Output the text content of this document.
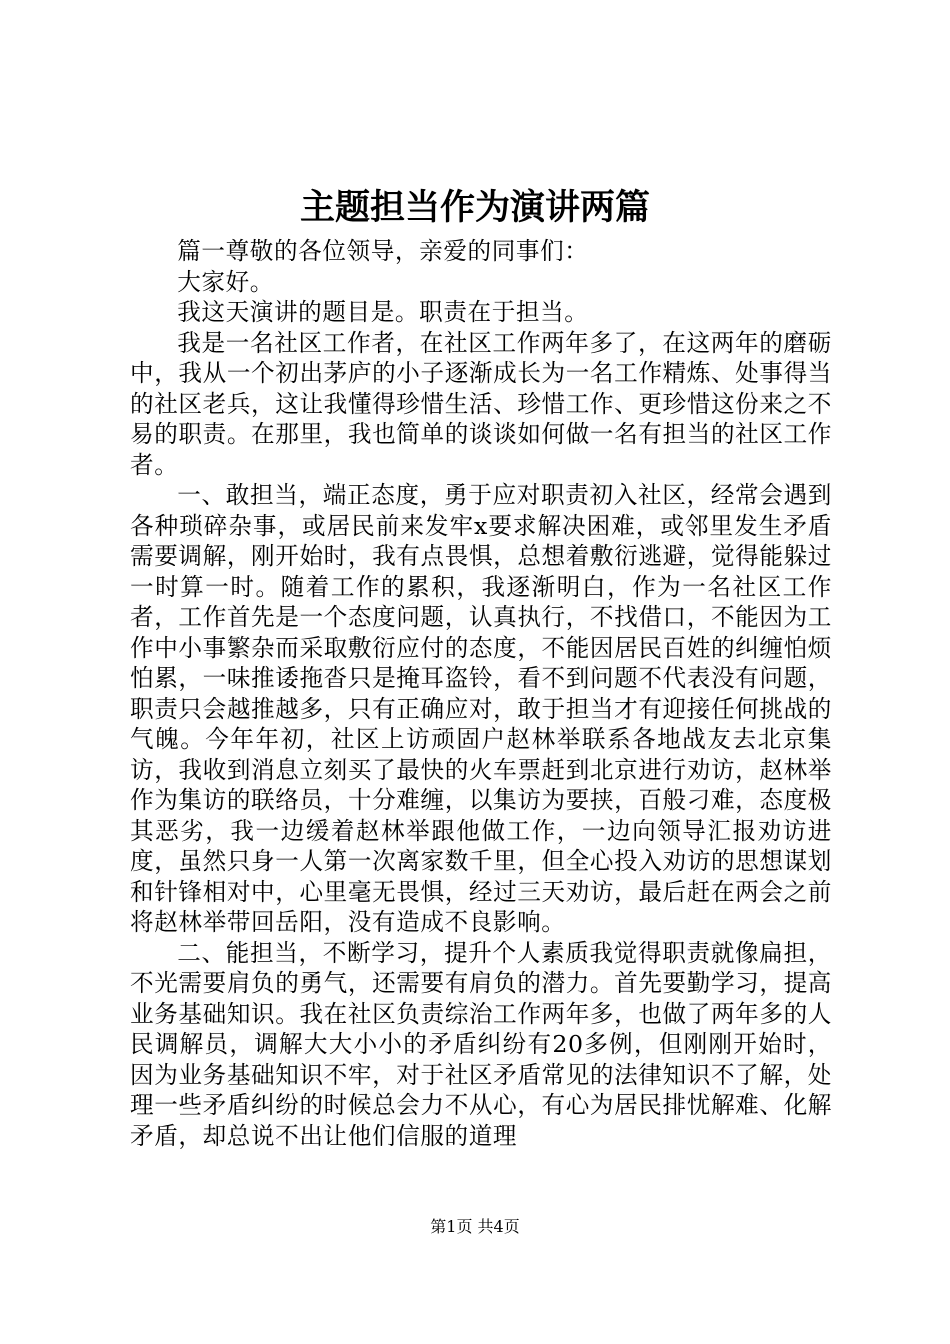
主题担当作为演讲两篇

篇一尊敬的各位领导，亲爱的同事们：

大家好。

我这天演讲的题目是。职责在于担当。

我是一名社区工作者，在社区工作两年多了，在这两年的磨砺中，我从一个初出茅庐的小子逐渐成长为一名工作精炼、处事得当的社区老兵，这让我懂得珍惜生活、珍惜工作、更珍惜这份来之不易的职责。在那里，我也简单的谈谈如何做一名有担当的社区工作者。

一、敢担当，端正态度，勇于应对职责初入社区，经常会遇到各种琐碎杂事，或居民前来发牢x要求解决困难，或邻里发生矛盾需要调解，刚开始时，我有点畏惧，总想着敷衍逃避，觉得能躲过一时算一时。随着工作的累积，我逐渐明白，作为一名社区工作者，工作首先是一个态度问题，认真执行，不找借口，不能因为工作中小事繁杂而采取敷衍应付的态度，不能因居民百姓的纠缠怕烦怕累，一味推诿拖沓只是掩耳盗铃，看不到问题不代表没有问题，职责只会越推越多，只有正确应对，敢于担当才有迎接任何挑战的气魄。今年年初，社区上访顽固户赵林举联系各地战友去北京集访，我收到消息立刻买了最快的火车票赶到北京进行劝访，赵林举作为集访的联络员，十分难缠，以集访为要挟，百般刁难，态度极其恶劣，我一边缓着赵林举跟他做工作，一边向领导汇报劝访进度，虽然只身一人第一次离家数千里，但全心投入劝访的思想谋划和针锋相对中，心里毫无畏惧，经过三天劝访，最后赶在两会之前将赵林举带回岳阳，没有造成不良影响。

二、能担当，不断学习，提升个人素质我觉得职责就像扁担，不光需要肩负的勇气，还需要有肩负的潜力。首先要勤学习，提高业务基础知识。我在社区负责综治工作两年多，也做了两年多的人民调解员，调解大大小小的矛盾纠纷有20多例，但刚刚开始时，因为业务基础知识不牢，对于社区矛盾常见的法律知识不了解，处理一些矛盾纠纷的时候总会力不从心，有心为居民排忧解难、化解矛盾，却总说不出让他们信服的道理

第1页 共4页
